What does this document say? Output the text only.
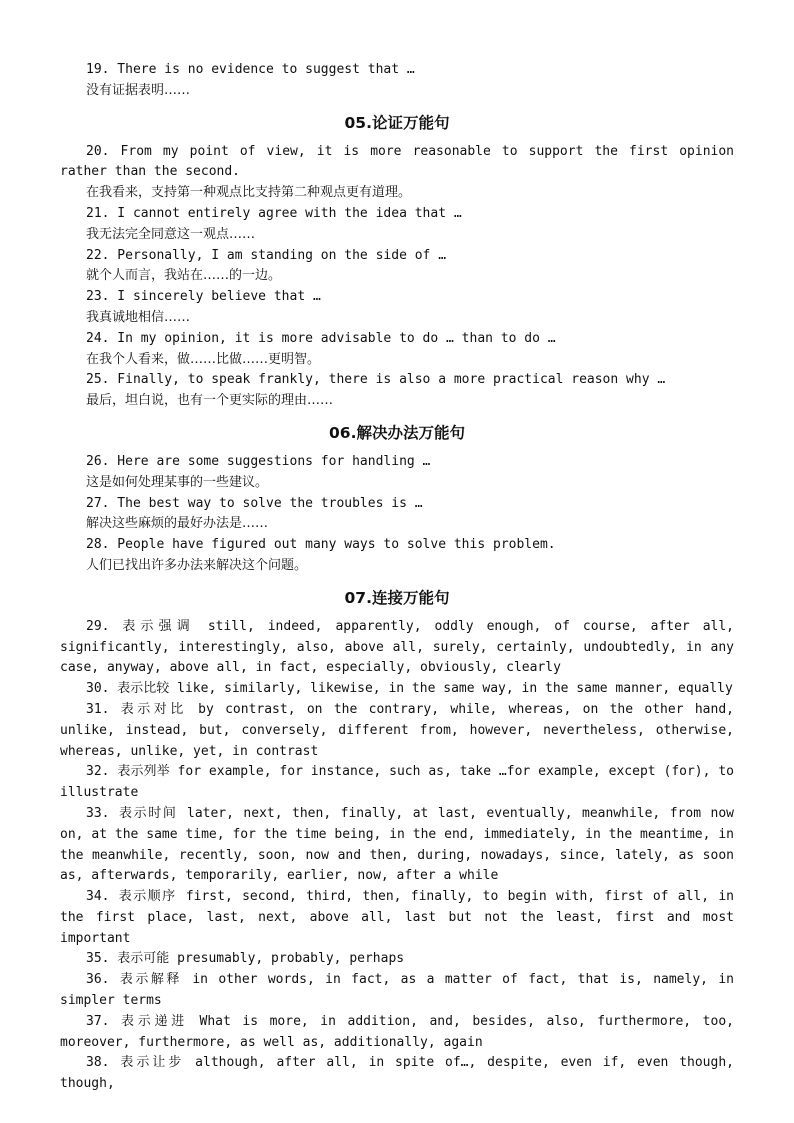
19. There is no evidence to suggest that …

没有证据表明……

05.论证万能句

20. From my point of view, it is more reasonable to support the first opinion rather than the second.

在我看来，支持第一种观点比支持第二种观点更有道理。

21. I cannot entirely agree with the idea that …

我无法完全同意这一观点……

22. Personally, I am standing on the side of …

就个人而言，我站在……的一边。

23. I sincerely believe that …

我真诚地相信……

24. In my opinion, it is more advisable to do … than to do …

在我个人看来，做……比做……更明智。

25. Finally, to speak frankly, there is also a more practical reason why …

最后，坦白说，也有一个更实际的理由……

06.解决办法万能句

26. Here are some suggestions for handling …

这是如何处理某事的一些建议。

27. The best way to solve the troubles is …

解决这些麻烦的最好办法是……

28. People have figured out many ways to solve this problem.

人们已找出许多办法来解决这个问题。

07.连接万能句

29. 表示强调 still, indeed, apparently, oddly enough, of course, after all, significantly, interestingly, also, above all, surely, certainly, undoubtedly, in any case, anyway, above all, in fact, especially, obviously, clearly

30. 表示比较 like, similarly, likewise, in the same way, in the same manner, equally

31. 表示对比 by contrast, on the contrary, while, whereas, on the other hand, unlike, instead, but, conversely, different from, however, nevertheless, otherwise, whereas, unlike, yet, in contrast

32. 表示列举 for example, for instance, such as, take …for example, except (for), to illustrate

33. 表示时间 later, next, then, finally, at last, eventually, meanwhile, from now on, at the same time, for the time being, in the end, immediately, in the meantime, in the meanwhile, recently, soon, now and then, during, nowadays, since, lately, as soon as, afterwards, temporarily, earlier, now, after a while

34. 表示顺序 first, second, third, then, finally, to begin with, first of all, in the first place, last, next, above all, last but not the least, first and most important

35. 表示可能 presumably, probably, perhaps

36. 表示解释 in other words, in fact, as a matter of fact, that is, namely, in simpler terms

37. 表示递进 What is more, in addition, and, besides, also, furthermore, too, moreover, furthermore, as well as, additionally, again

38. 表示让步 although, after all, in spite of…, despite, even if, even though, though,
